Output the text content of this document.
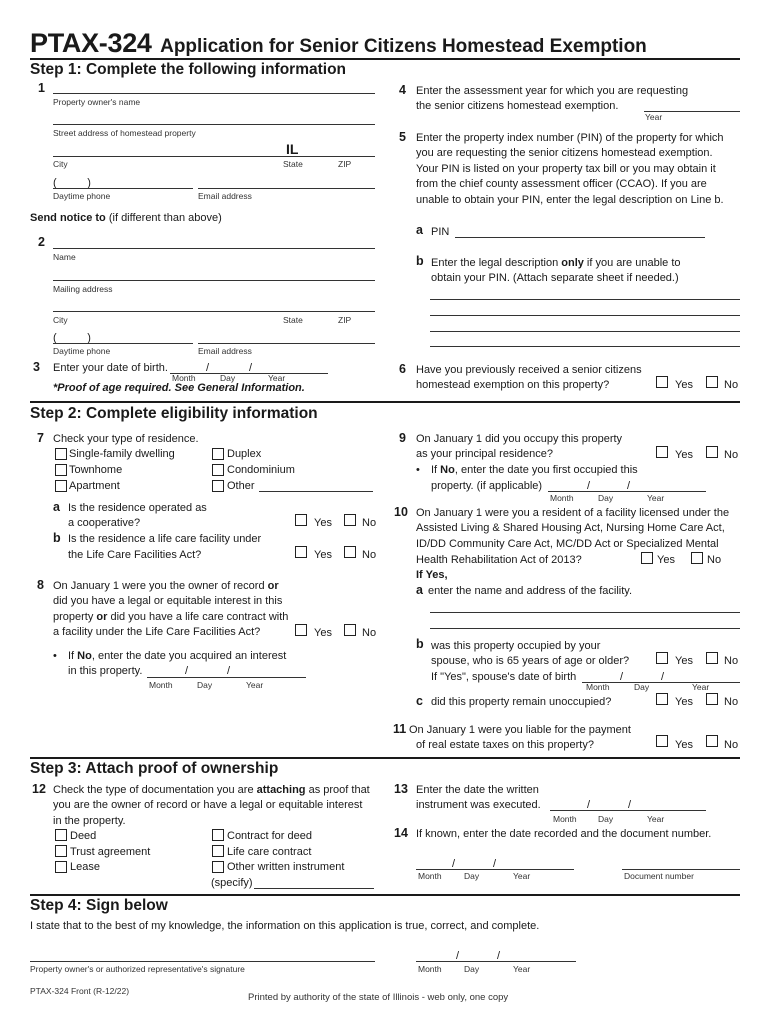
PTAX-324 Application for Senior Citizens Homestead Exemption
Step 1: Complete the following information
1
Property owner's name
Street address of homestead property
IL
City	State	ZIP
(          )
Daytime phone	Email address
Send notice to (if different than above)
2
Name
Mailing address
City	State	ZIP
(          )
Daytime phone	Email address
3 Enter your date of birth.	/	/
Month	Day	Year
*Proof of age required. See General Information.
4 Enter the assessment year for which you are requesting
the senior citizens homestead exemption.
Year
5 Enter the property index number (PIN) of the property for which
you are requesting the senior citizens homestead exemption.
Your PIN is listed on your property tax bill or you may obtain it
from the chief county assessment officer (CCAO). If you are
unable to obtain your PIN, enter the legal description on Line b.
a PIN
b Enter the legal description only if you are unable to
obtain your PIN. (Attach separate sheet if needed.)
6 Have you previously received a senior citizens
homestead exemption on this property?	Yes	No
Step 2: Complete eligibility information
7 Check your type of residence.
Single-family dwelling
Townhome
Apartment
Duplex
Condominium
Other
a Is the residence operated as
a cooperative?	Yes	No
b Is the residence a life care facility under
the Life Care Facilities Act?	Yes	No
8 On January 1 were you the owner of record or
did you have a legal or equitable interest in this
property or did you have a life care contract with
a facility under the Life Care Facilities Act?	Yes	No
• If No, enter the date you acquired an interest
in this property.	/	/
Month	Day	Year
9 On January 1 did you occupy this property
as your principal residence?	Yes	No
• If No, enter the date you first occupied this
property. (if applicable)	/	/
Month	Day	Year
10 On January 1 were you a resident of a facility licensed under the
Assisted Living & Shared Housing Act, Nursing Home Care Act,
ID/DD Community Care Act, MC/DD Act or Specialized Mental
Health Rehabilitation Act of 2013?	Yes	No
If Yes,
a enter the name and address of the facility.
b was this property occupied by your
spouse, who is 65 years of age or older?	Yes	No
If "Yes", spouse's date of birth	/	/
Month	Day	Year
c did this property remain unoccupied?	Yes	No
11 On January 1 were you liable for the payment
of real estate taxes on this property?	Yes	No
Step 3: Attach proof of ownership
12 Check the type of documentation you are attaching as proof that
you are the owner of record or have a legal or equitable interest
in the property.
Deed
Trust agreement
Lease
Contract for deed
Life care contract
Other written instrument
(specify)
13 Enter the date the written
instrument was executed.	/	/
Month	Day	Year
14 If known, enter the date recorded and the document number.
/	/
Month	Day	Year	Document number
Step 4: Sign below
I state that to the best of my knowledge, the information on this application is true, correct, and complete.
Property owner's or authorized representative's signature
/	/
Month	Day	Year
PTAX-324 Front (R-12/22)
Printed by authority of the state of Illinois - web only, one copy
